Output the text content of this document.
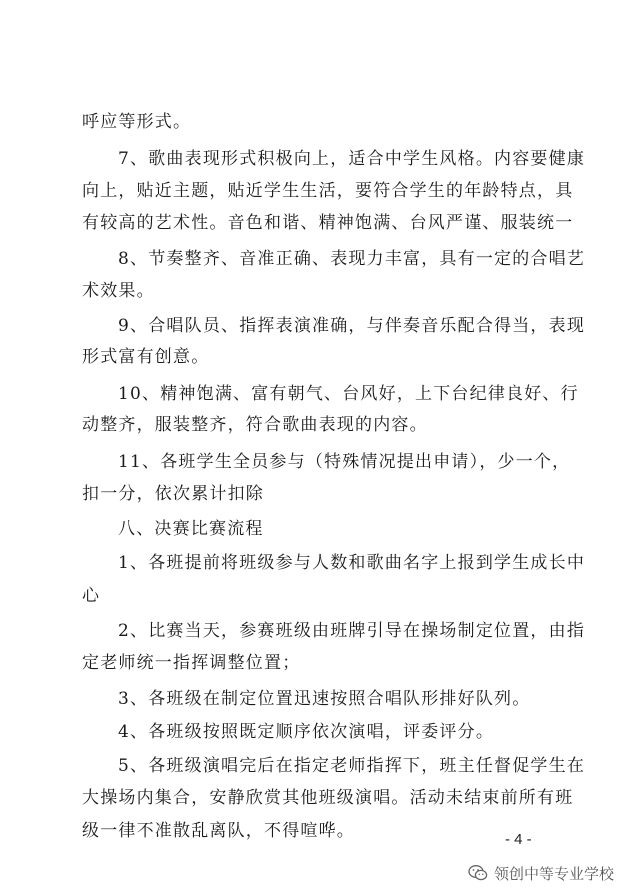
呼应等形式。
7、歌曲表现形式积极向上，适合中学生风格。内容要健康
向上，贴近主题，贴近学生生活，要符合学生的年龄特点，具
有较高的艺术性。音色和谐、精神饱满、台风严谨、服装统一
8、节奏整齐、音准正确、表现力丰富，具有一定的合唱艺
术效果。
9、合唱队员、指挥表演准确，与伴奏音乐配合得当，表现
形式富有创意。
10、精神饱满、富有朝气、台风好，上下台纪律良好、行
动整齐，服装整齐，符合歌曲表现的内容。
11、各班学生全员参与（特殊情况提出申请），少一个，
扣一分，依次累计扣除
八、决赛比赛流程
1、各班提前将班级参与人数和歌曲名字上报到学生成长中
心
2、比赛当天，参赛班级由班牌引导在操场制定位置，由指
定老师统一指挥调整位置；
3、各班级在制定位置迅速按照合唱队形排好队列。
4、各班级按照既定顺序依次演唱，评委评分。
5、各班级演唱完后在指定老师指挥下，班主任督促学生在
大操场内集合，安静欣赏其他班级演唱。活动未结束前所有班
级一律不准散乱离队，不得喧哗。	- 4 -
领创中等专业学校
